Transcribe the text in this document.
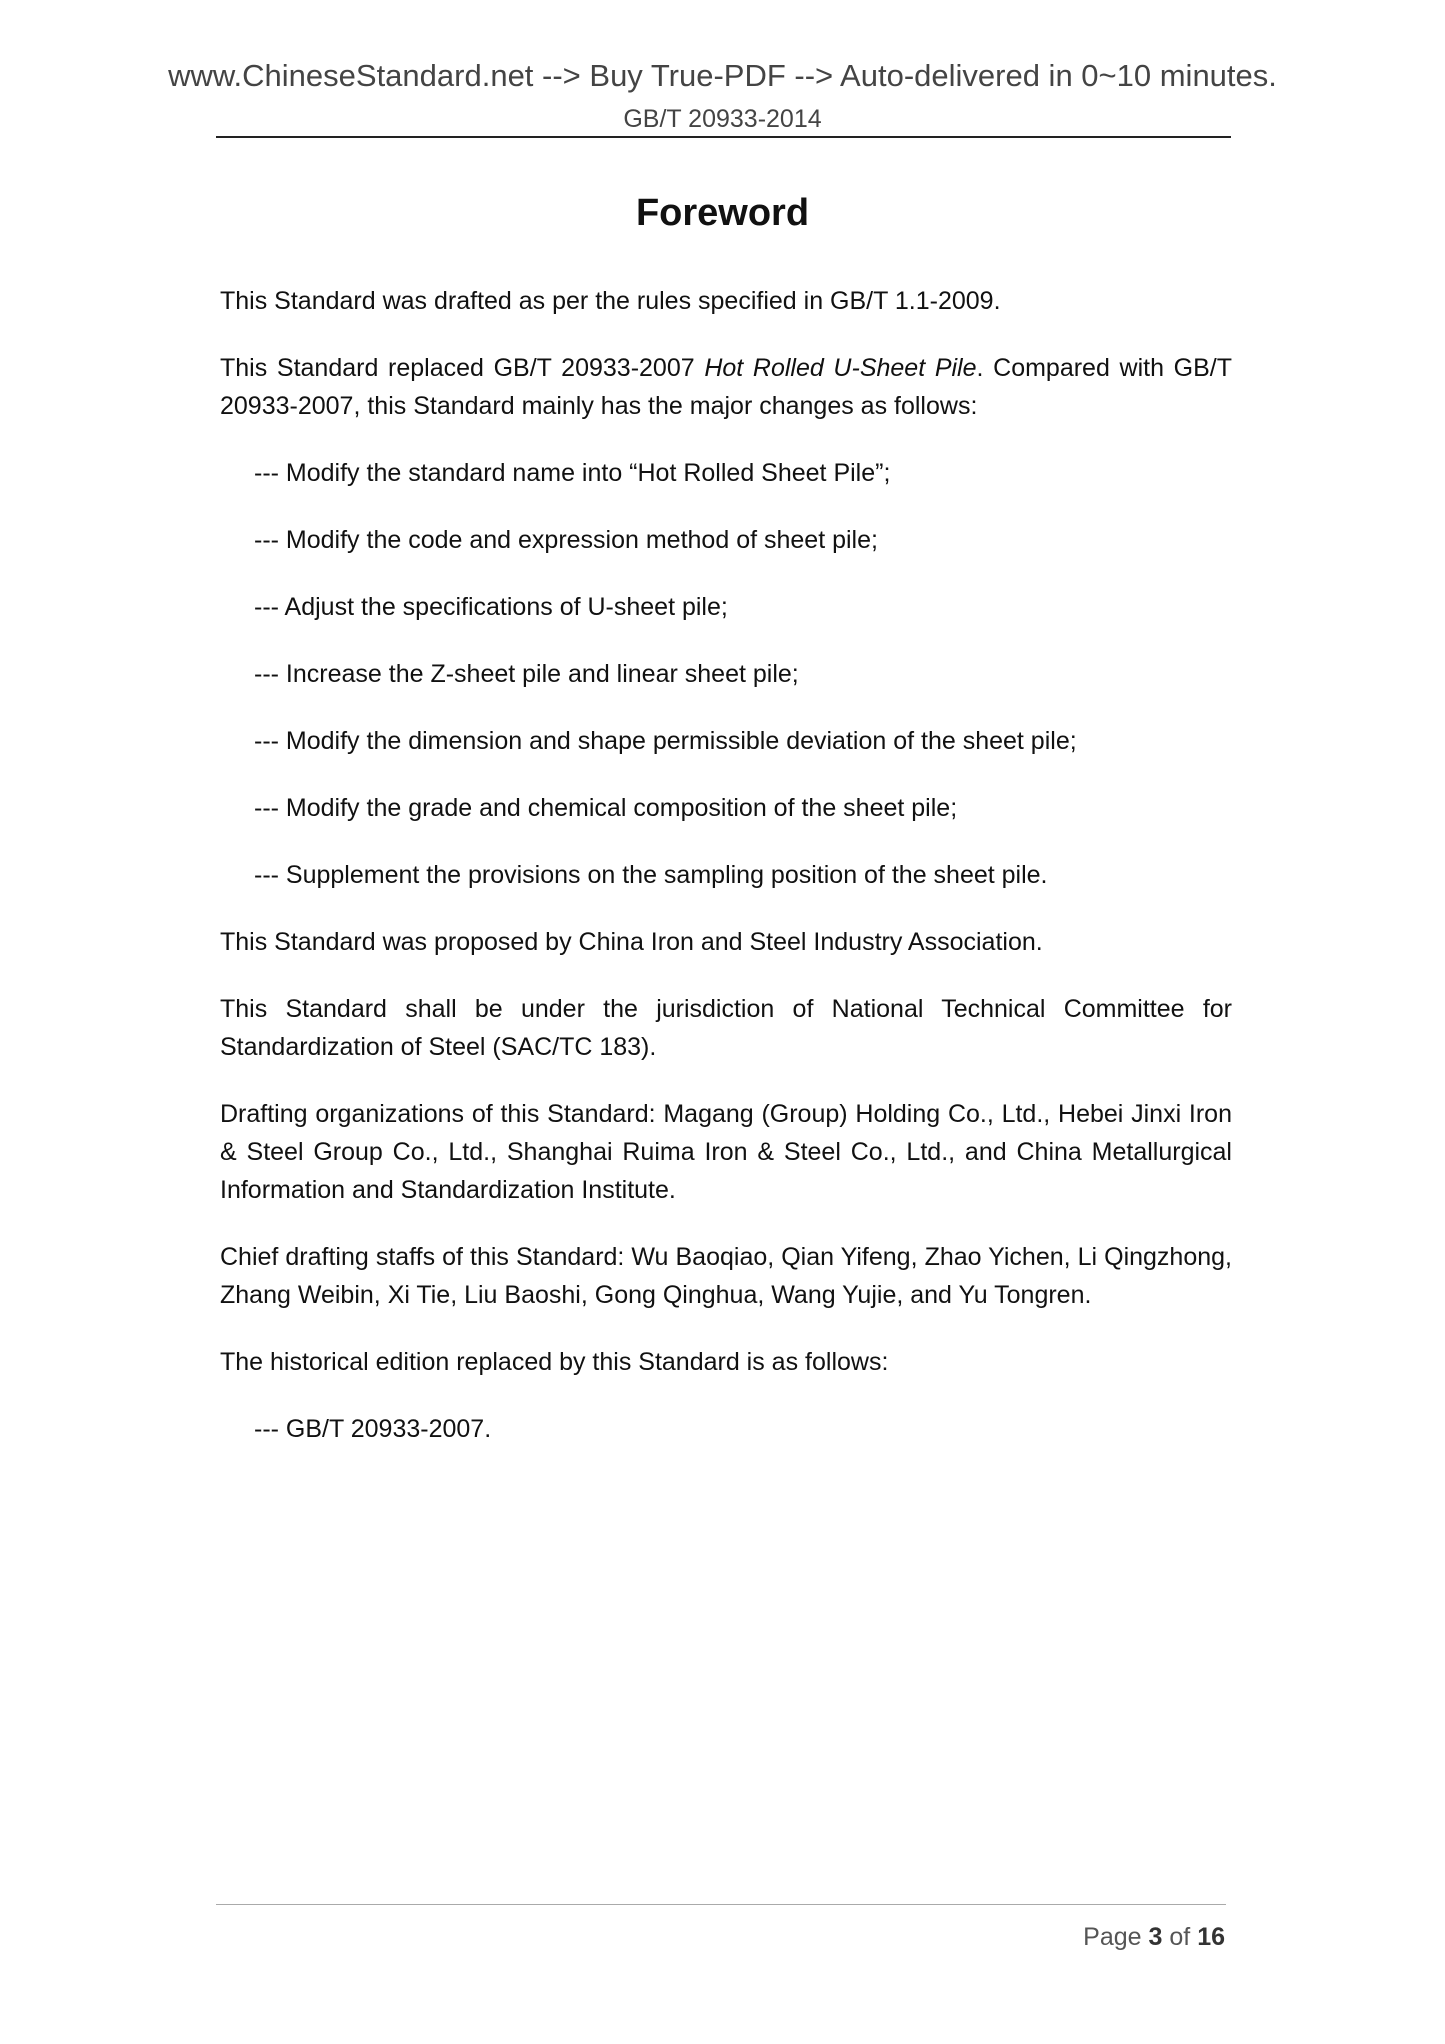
www.ChineseStandard.net --> Buy True-PDF --> Auto-delivered in 0~10 minutes.
GB/T 20933-2014
Foreword

This Standard was drafted as per the rules specified in GB/T 1.1-2009.

This Standard replaced GB/T 20933-2007 Hot Rolled U-Sheet Pile. Compared with GB/T 20933-2007, this Standard mainly has the major changes as follows:

--- Modify the standard name into “Hot Rolled Sheet Pile”;

--- Modify the code and expression method of sheet pile;

--- Adjust the specifications of U-sheet pile;

--- Increase the Z-sheet pile and linear sheet pile;

--- Modify the dimension and shape permissible deviation of the sheet pile;

--- Modify the grade and chemical composition of the sheet pile;

--- Supplement the provisions on the sampling position of the sheet pile.

This Standard was proposed by China Iron and Steel Industry Association.

This Standard shall be under the jurisdiction of National Technical Committee for Standardization of Steel (SAC/TC 183).

Drafting organizations of this Standard: Magang (Group) Holding Co., Ltd., Hebei Jinxi Iron & Steel Group Co., Ltd., Shanghai Ruima Iron & Steel Co., Ltd., and China Metallurgical Information and Standardization Institute.

Chief drafting staffs of this Standard: Wu Baoqiao, Qian Yifeng, Zhao Yichen, Li Qingzhong, Zhang Weibin, Xi Tie, Liu Baoshi, Gong Qinghua, Wang Yujie, and Yu Tongren.

The historical edition replaced by this Standard is as follows:

--- GB/T 20933-2007.

Page 3 of 16
